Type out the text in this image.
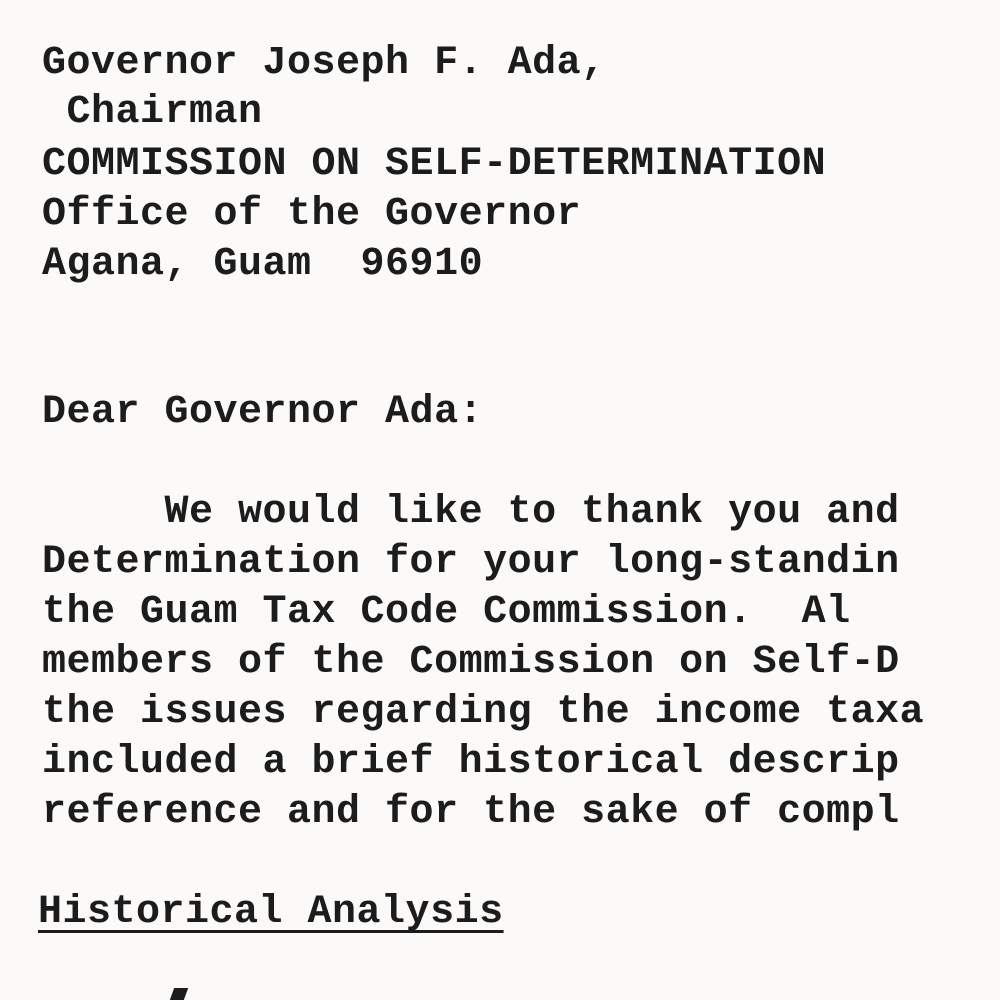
Governor Joseph F. Ada,
Chairman
COMMISSION ON SELF-DETERMINATION
Office of the Governor
Agana, Guam  96910
Dear Governor Ada:
We would like to thank you and
Determination for your long-standin
the Guam Tax Code Commission.  Al
members of the Commission on Self-D
the issues regarding the income taxa
included a brief historical descrip
reference and for the sake of compl
Historical Analysis
